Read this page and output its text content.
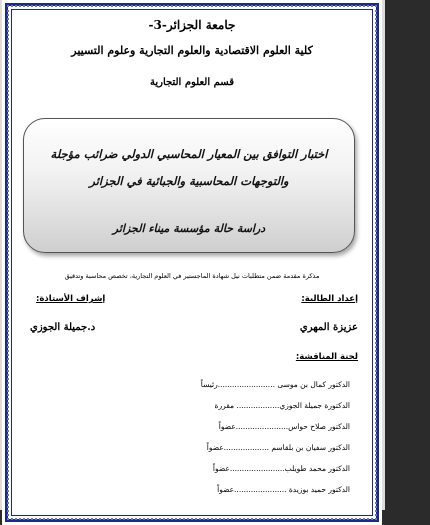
جامعة الجزائر-3-
كلية العلوم الاقتصادية والعلوم التجارية وعلوم التسيير
قسم العلوم التجارية
اختبار التوافق بين المعيار المحاسبي الدولي ضرائب مؤجلة
والتوجهات المحاسبية والجبائية في الجزائر
دراسة حالة مؤسسة ميناء الجزائر
مذكرة مقدمة ضمن متطلبات نيل شهادة الماجستير في العلوم التجارية، تخصص محاسبة وتدقيق
إعداد الطالبة:
إشراف الأستاذة:
عزيزة المهري
د.جميلة الجوزي
لجنة المناقشة:
الدكتور كمال بن موسى ........................رئيساً
الدكتورة جميلة الجوزي.................. مقررة
الدكتور صلاح حواس......................عضواً
الدكتور سفيان بن بلقاسم ...................عضواً
الدكتور محمد طويلب.......................عضواً
الدكتور حميد بوزيدة ......................عضواً
